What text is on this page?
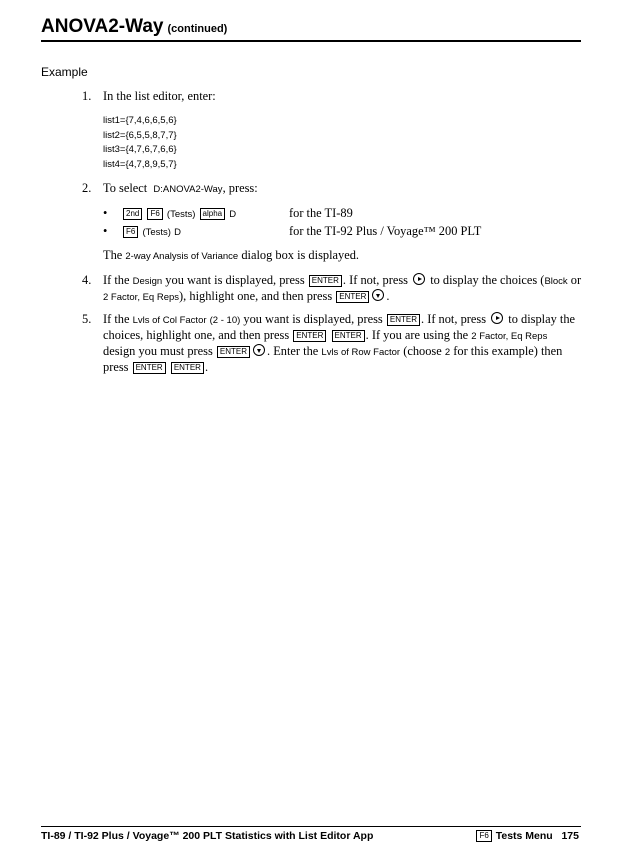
ANOVA2-Way (continued)
Example
1. In the list editor, enter:
list1={7,4,6,6,5,6}
list2={6,5,5,8,7,7}
list3={4,7,6,7,6,6}
list4={4,7,8,9,5,7}
2. To select D:ANOVA2-Way, press:
•	2nd F6 (Tests) alpha D	for the TI-89
•	F6 (Tests) D	for the TI-92 Plus / Voyage™ 200 PLT
The 2-way Analysis of Variance dialog box is displayed.
4. If the Design you want is displayed, press ENTER . If not, press to display the choices (Block or 2 Factor, Eq Reps), highlight one, and then press ENTER .
5. If the Lvls of Col Factor (2 - 10) you want is displayed, press ENTER . If not, press to display the choices, highlight one, and then press ENTER ENTER . If you are using the 2 Factor, Eq Reps design you must press ENTER . Enter the Lvls of Row Factor (choose 2 for this example) then press ENTER ENTER .
TI-89 / TI-92 Plus / Voyage™ 200 PLT Statistics with List Editor App	F6 Tests Menu 175
